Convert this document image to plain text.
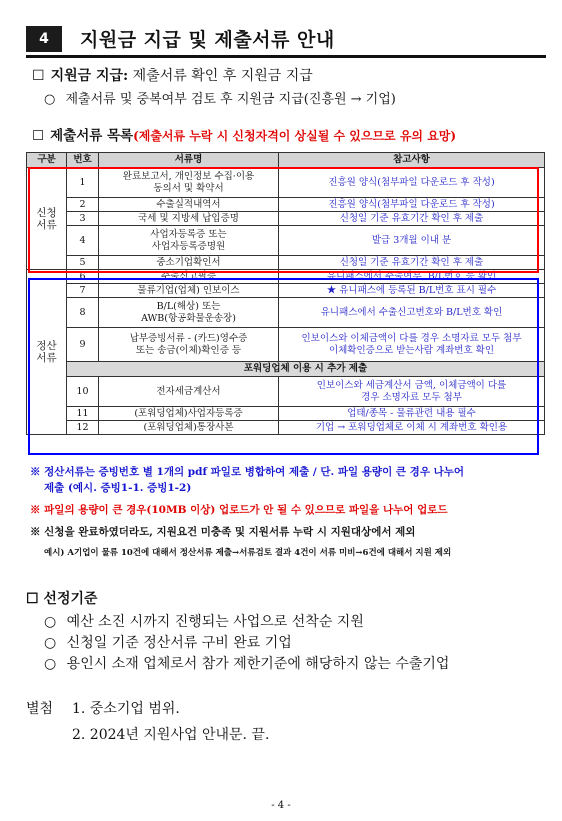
4	지원금 지급 및 제출서류 안내
☐ 지원금 지급: 제출서류 확인 후 지원금 지급
○ 제출서류 및 중복여부 검토 후 지원금 지급(진흥원 → 기업)
☐ 제출서류 목록(제출서류 누락 시 신청자격이 상실될 수 있으므로 유의 요망)
구분	번호	서류명	참고사항
신청
서류	1	완료보고서, 개인정보 수집·이용
동의서 및 확약서	진흥원 양식(첨부파일 다운로드 후 작성)
	2	수출실적내역서	진흥원 양식(첨부파일 다운로드 후 작성)
	3	국세 및 지방세 납입증명	신청일 기준 유효기간 확인 후 제출
	4	사업자등록증 또는
사업자등록증명원	발급 3개월 이내 분
	5	중소기업확인서	신청일 기준 유효기간 확인 후 제출
정산
서류	6	수출신고필증	유니패스에서 수출여부, B/L번호 등 확인
	7	물류기업(업체) 인보이스	★ 유니패스에 등록된 B/L번호 표시 필수
	8	B/L(해상) 또는
AWB(항공화물운송장)	유니패스에서 수출신고번호와 B/L번호 확인
	9	납부증빙서류 - (카드)영수증
또는 송금(이체)확인증 등	인보이스와 이체금액이 다를 경우 소명자료 모두 첨부
이체확인증으로 받는사람 계좌번호 확인
	포워딩업체 이용 시 추가 제출		
	10	전자세금계산서	인보이스와 세금계산서 금액, 이체금액이 다를
경우 소명자료 모두 첨부
	11	(포워딩업체)사업자등록증	업태/종목 - 물류관련 내용 필수
	12	(포워딩업체)통장사본	기업 → 포워딩업체로 이체 시 계좌번호 확인용
※ 정산서류는 증빙번호 별 1개의 pdf 파일로 병합하여 제출 / 단. 파일 용량이 큰 경우 나누어
제출 (예시. 증빙1-1. 증빙1-2)
※ 파일의 용량이 큰 경우(10MB 이상) 업로드가 안 될 수 있으므로 파일을 나누어 업로드
※ 신청을 완료하였더라도, 지원요건 미충족 및 지원서류 누락 시 지원대상에서 제외
예시) A기업이 물류 10건에 대해서 정산서류 제출→서류검토 결과 4건이 서류 미비→6건에 대해서 지원 제외
☐ 선정기준
○ 예산 소진 시까지 진행되는 사업으로 선착순 지원
○ 신청일 기준 정산서류 구비 완료 기업
○ 용인시 소재 업체로서 참가 제한기준에 해당하지 않는 수출기업
별첨 1. 중소기업 범위.
2. 2024년 지원사업 안내문. 끝.
- 4 -
